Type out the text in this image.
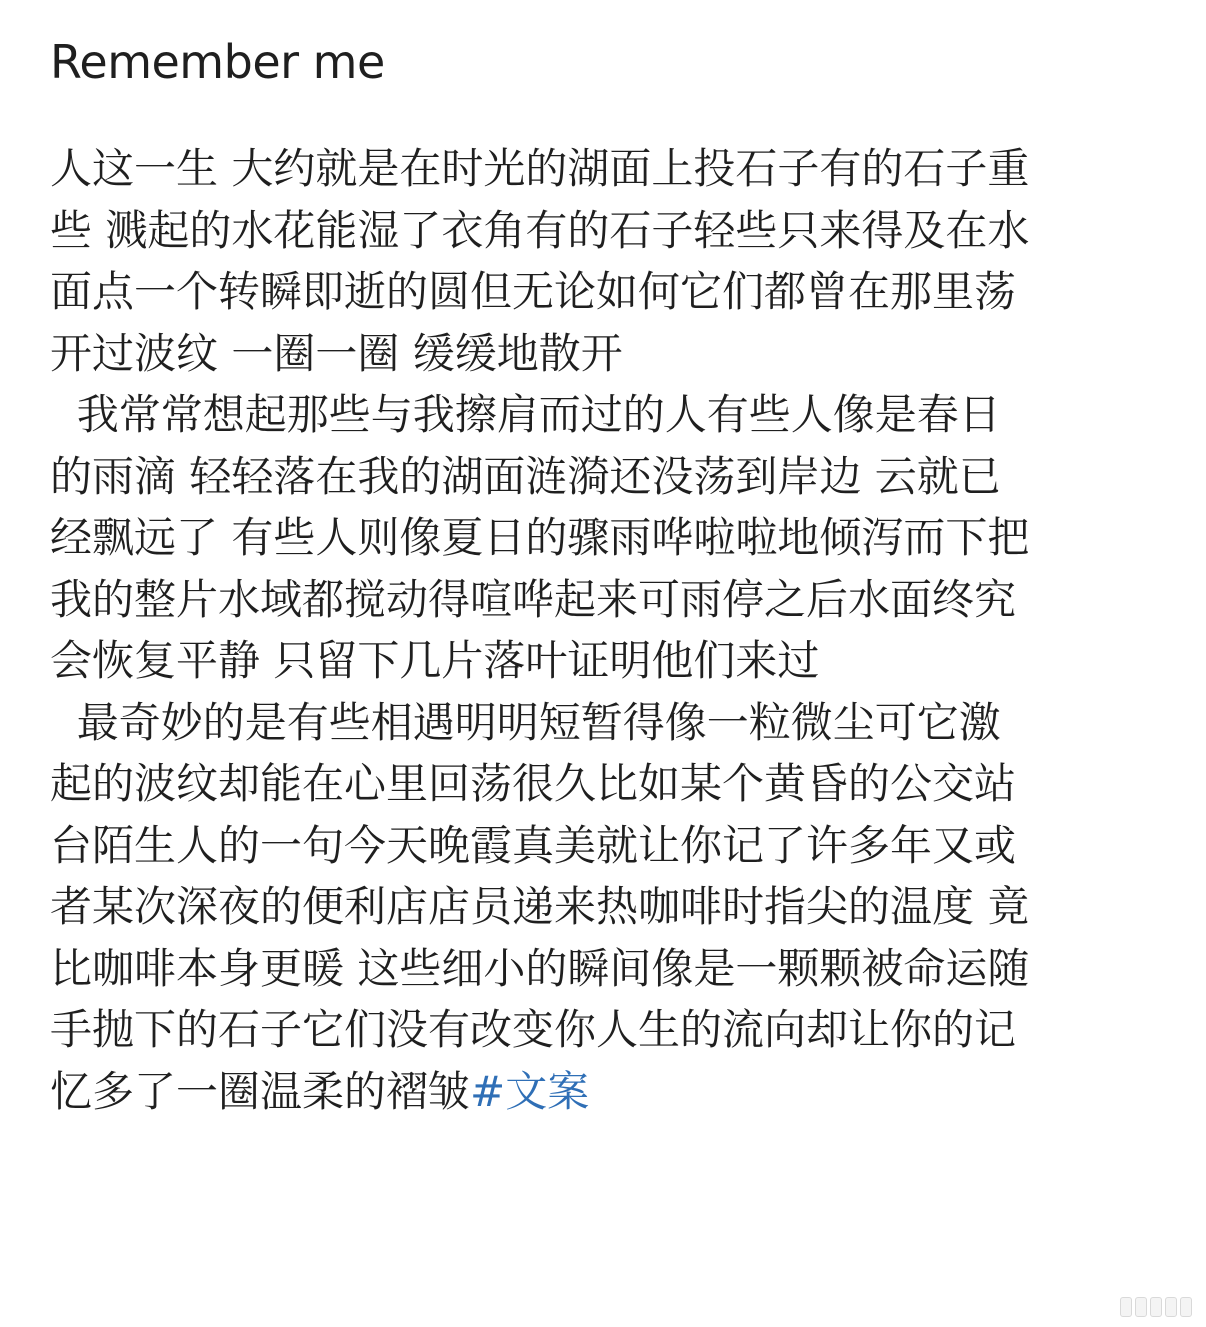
Remember me
人这一生 大约就是在时光的湖面上投石子有的石子重
些 溅起的水花能湿了衣角有的石子轻些只来得及在水
面点一个转瞬即逝的圆但无论如何它们都曾在那里荡
开过波纹 一圈一圈 缓缓地散开
我常常想起那些与我擦肩而过的人有些人像是春日
的雨滴 轻轻落在我的湖面涟漪还没荡到岸边 云就已
经飘远了 有些人则像夏日的骤雨哗啦啦地倾泻而下把
我的整片水域都搅动得喧哗起来可雨停之后水面终究
会恢复平静 只留下几片落叶证明他们来过
最奇妙的是有些相遇明明短暂得像一粒微尘可它激
起的波纹却能在心里回荡很久比如某个黄昏的公交站
台陌生人的一句今天晚霞真美就让你记了许多年又或
者某次深夜的便利店店员递来热咖啡时指尖的温度 竟
比咖啡本身更暖 这些细小的瞬间像是一颗颗被命运随
手抛下的石子它们没有改变你人生的流向却让你的记
忆多了一圈温柔的褶皱#文案
